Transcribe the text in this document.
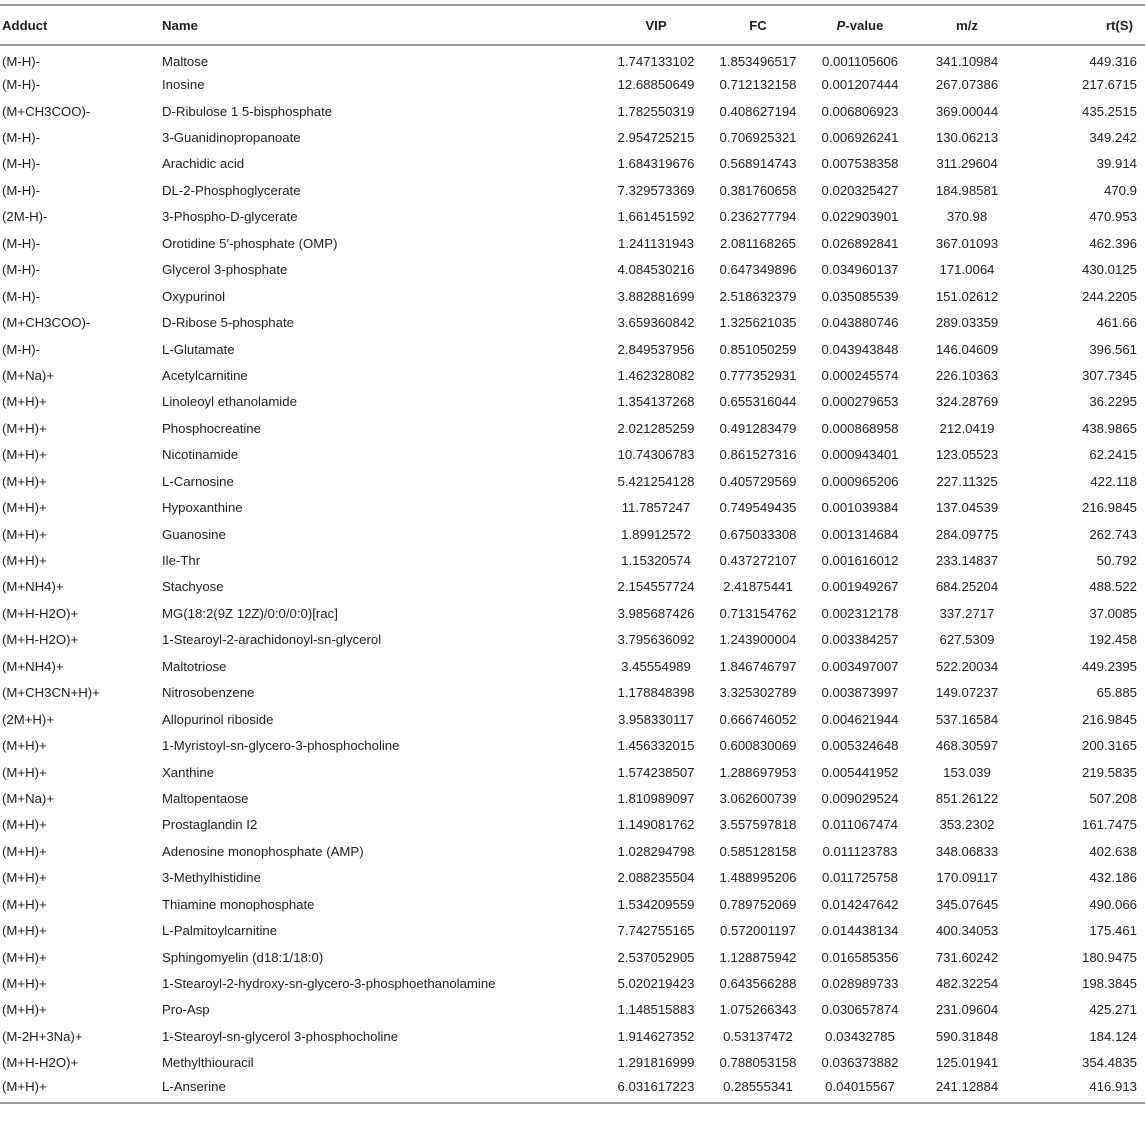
Adduct	Name	VIP	FC	P-value	m/z	rt(S)
(M-H)-	Maltose	1.747133102	1.853496517	0.001105606	341.10984	449.316
(M-H)-	Inosine	12.68850649	0.712132158	0.001207444	267.07386	217.6715
(M+CH3COO)-	D-Ribulose 1 5-bisphosphate	1.782550319	0.408627194	0.006806923	369.00044	435.2515
(M-H)-	3-Guanidinopropanoate	2.954725215	0.706925321	0.006926241	130.06213	349.242
(M-H)-	Arachidic acid	1.684319676	0.568914743	0.007538358	311.29604	39.914
(M-H)-	DL-2-Phosphoglycerate	7.329573369	0.381760658	0.020325427	184.98581	470.9
(2M-H)-	3-Phospho-D-glycerate	1.661451592	0.236277794	0.022903901	370.98	470.953
(M-H)-	Orotidine 5′-phosphate (OMP)	1.241131943	2.081168265	0.026892841	367.01093	462.396
(M-H)-	Glycerol 3-phosphate	4.084530216	0.647349896	0.034960137	171.0064	430.0125
(M-H)-	Oxypurinol	3.882881699	2.518632379	0.035085539	151.02612	244.2205
(M+CH3COO)-	D-Ribose 5-phosphate	3.659360842	1.325621035	0.043880746	289.03359	461.66
(M-H)-	L-Glutamate	2.849537956	0.851050259	0.043943848	146.04609	396.561
(M+Na)+	Acetylcarnitine	1.462328082	0.777352931	0.000245574	226.10363	307.7345
(M+H)+	Linoleoyl ethanolamide	1.354137268	0.655316044	0.000279653	324.28769	36.2295
(M+H)+	Phosphocreatine	2.021285259	0.491283479	0.000868958	212.0419	438.9865
(M+H)+	Nicotinamide	10.74306783	0.861527316	0.000943401	123.05523	62.2415
(M+H)+	L-Carnosine	5.421254128	0.405729569	0.000965206	227.11325	422.118
(M+H)+	Hypoxanthine	11.7857247	0.749549435	0.001039384	137.04539	216.9845
(M+H)+	Guanosine	1.89912572	0.675033308	0.001314684	284.09775	262.743
(M+H)+	Ile-Thr	1.15320574	0.437272107	0.001616012	233.14837	50.792
(M+NH4)+	Stachyose	2.154557724	2.41875441	0.001949267	684.25204	488.522
(M+H-H2O)+	MG(18:2(9Z 12Z)/0:0/0:0)[rac]	3.985687426	0.713154762	0.002312178	337.2717	37.0085
(M+H-H2O)+	1-Stearoyl-2-arachidonoyl-sn-glycerol	3.795636092	1.243900004	0.003384257	627.5309	192.458
(M+NH4)+	Maltotriose	3.45554989	1.846746797	0.003497007	522.20034	449.2395
(M+CH3CN+H)+	Nitrosobenzene	1.178848398	3.325302789	0.003873997	149.07237	65.885
(2M+H)+	Allopurinol riboside	3.958330117	0.666746052	0.004621944	537.16584	216.9845
(M+H)+	1-Myristoyl-sn-glycero-3-phosphocholine	1.456332015	0.600830069	0.005324648	468.30597	200.3165
(M+H)+	Xanthine	1.574238507	1.288697953	0.005441952	153.039	219.5835
(M+Na)+	Maltopentaose	1.810989097	3.062600739	0.009029524	851.26122	507.208
(M+H)+	Prostaglandin I2	1.149081762	3.557597818	0.011067474	353.2302	161.7475
(M+H)+	Adenosine monophosphate (AMP)	1.028294798	0.585128158	0.011123783	348.06833	402.638
(M+H)+	3-Methylhistidine	2.088235504	1.488995206	0.011725758	170.09117	432.186
(M+H)+	Thiamine monophosphate	1.534209559	0.789752069	0.014247642	345.07645	490.066
(M+H)+	L-Palmitoylcarnitine	7.742755165	0.572001197	0.014438134	400.34053	175.461
(M+H)+	Sphingomyelin (d18:1/18:0)	2.537052905	1.128875942	0.016585356	731.60242	180.9475
(M+H)+	1-Stearoyl-2-hydroxy-sn-glycero-3-phosphoethanolamine	5.020219423	0.643566288	0.028989733	482.32254	198.3845
(M+H)+	Pro-Asp	1.148515883	1.075266343	0.030657874	231.09604	425.271
(M-2H+3Na)+	1-Stearoyl-sn-glycerol 3-phosphocholine	1.914627352	0.53137472	0.03432785	590.31848	184.124
(M+H-H2O)+	Methylthiouracil	1.291816999	0.788053158	0.036373882	125.01941	354.4835
(M+H)+	L-Anserine	6.031617223	0.28555341	0.04015567	241.12884	416.913
